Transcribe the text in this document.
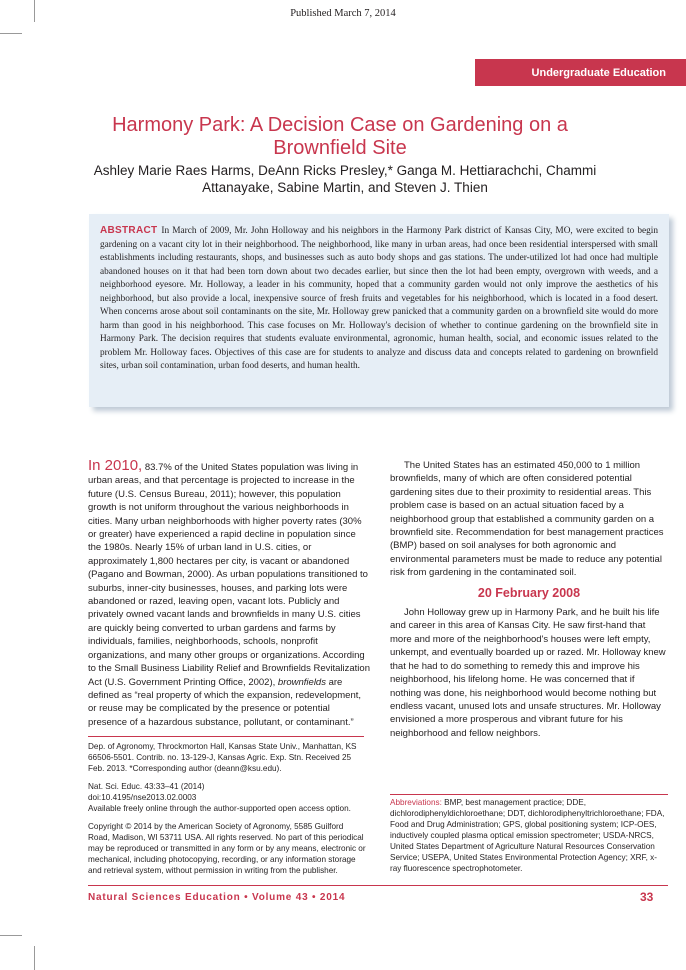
Published March 7, 2014
Undergraduate Education
Harmony Park: A Decision Case on Gardening on a Brownfield Site
Ashley Marie Raes Harms, DeAnn Ricks Presley,* Ganga M. Hettiarachchi, Chammi Attanayake, Sabine Martin, and Steven J. Thien
ABSTRACT In March of 2009, Mr. John Holloway and his neighbors in the Harmony Park district of Kansas City, MO, were excited to begin gardening on a vacant city lot in their neighborhood. The neighborhood, like many in urban areas, had once been residential interspersed with small establishments including restaurants, shops, and businesses such as auto body shops and gas stations. The under-utilized lot had once had multiple abandoned houses on it that had been torn down about two decades earlier, but since then the lot had been empty, overgrown with weeds, and a neighborhood eyesore. Mr. Holloway, a leader in his community, hoped that a community garden would not only improve the aesthetics of his neighborhood, but also provide a local, inexpensive source of fresh fruits and vegetables for his neighborhood, which is located in a food desert. When concerns arose about soil contaminants on the site, Mr. Holloway grew panicked that a community garden on a brownfield site would do more harm than good in his neighborhood. This case focuses on Mr. Holloway's decision of whether to continue gardening on the brownfield site in Harmony Park. The decision requires that students evaluate environmental, agronomic, human health, social, and economic issues related to the problem Mr. Holloway faces. Objectives of this case are for students to analyze and discuss data and concepts related to gardening on brownfield sites, urban soil contamination, urban food deserts, and human health.

In 2010, 83.7% of the United States population was living in urban areas, and that percentage is projected to increase in the future (U.S. Census Bureau, 2011); however, this population growth is not uniform throughout the various neighborhoods in cities. Many urban neighborhoods with higher poverty rates (30% or greater) have experienced a rapid decline in population since the 1980s. Nearly 15% of urban land in U.S. cities, or approximately 1,800 hectares per city, is vacant or abandoned (Pagano and Bowman, 2000). As urban populations transitioned to suburbs, inner-city businesses, houses, and parking lots were abandoned or razed, leaving open, vacant lots. Publicly and privately owned vacant lands and brownfields in many U.S. cities are quickly being converted to urban gardens and farms by individuals, families, neighborhoods, schools, nonprofit organizations, and many other groups or organizations. According to the Small Business Liability Relief and Brownfields Revitalization Act (U.S. Government Printing Office, 2002), brownfields are defined as “real property of which the expansion, redevelopment, or reuse may be complicated by the presence or potential presence of a hazardous substance, pollutant, or contaminant.”

The United States has an estimated 450,000 to 1 million brownfields, many of which are often considered potential gardening sites due to their proximity to residential areas. This problem case is based on an actual situation faced by a neighborhood group that established a community garden on a brownfield site. Recommendation for best management practices (BMP) based on soil analyses for both agronomic and environmental parameters must be made to reduce any potential risk from gardening in the contaminated soil.

20 February 2008

John Holloway grew up in Harmony Park, and he built his life and career in this area of Kansas City. He saw first-hand that more and more of the neighborhood's houses were left empty, unkempt, and eventually boarded up or razed. Mr. Holloway knew that he had to do something to remedy this and improve his neighborhood, his lifelong home. He was concerned that if nothing was done, his neighborhood would become nothing but endless vacant, unused lots and unsafe structures. Mr. Holloway envisioned a more prosperous and vibrant future for his neighborhood and fellow neighbors.

Dep. of Agronomy, Throckmorton Hall, Kansas State Univ., Manhattan, KS 66506-5501. Contrib. no. 13-129-J, Kansas Agric. Exp. Stn. Received 25 Feb. 2013. *Corresponding author (deann@ksu.edu).

Nat. Sci. Educ. 43:33–41 (2014)

doi:10.4195/nse2013.02.0003

Available freely online through the author-supported open access option.

Copyright © 2014 by the American Society of Agronomy, 5585 Guilford Road, Madison, WI 53711 USA. All rights reserved. No part of this periodical may be reproduced or transmitted in any form or by any means, electronic or mechanical, including photocopying, recording, or any information storage and retrieval system, without permission in writing from the publisher.

Abbreviations: BMP, best management practice; DDE, dichlorodiphenyldichloroethane; DDT, dichlorodiphenyltrichloroethane; FDA, Food and Drug Administration; GPS, global positioning system; ICP-OES, inductively coupled plasma optical emission spectrometer; USDA-NRCS, United States Department of Agriculture Natural Resources Conservation Service; USEPA, United States Environmental Protection Agency; XRF, x-ray fluorescence spectrophotometer.

Natural Sciences Education • Volume 43 • 2014	33
